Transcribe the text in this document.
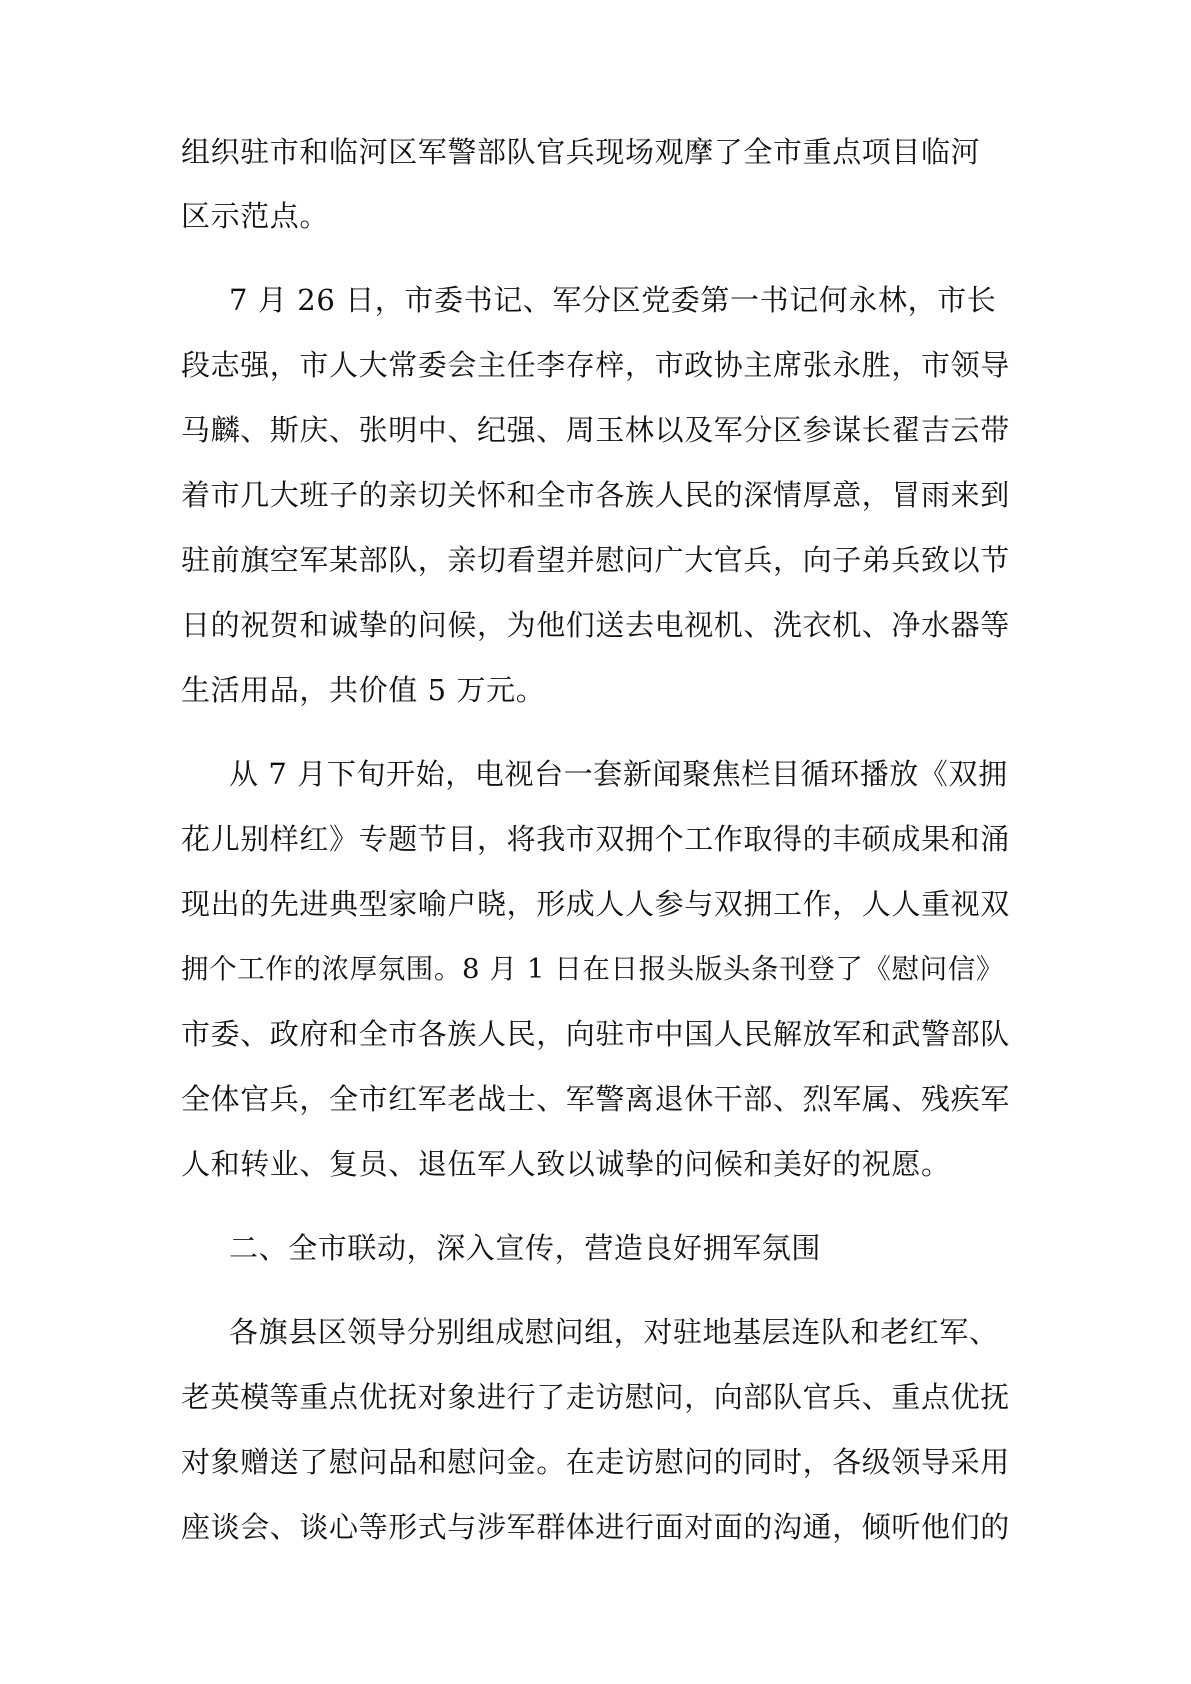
组织驻市和临河区军警部队官兵现场观摩了全市重点项目临河
区示范点。
7 月 26 日，市委书记、军分区党委第一书记何永林，市长
段志强，市人大常委会主任李存梓，市政协主席张永胜，市领导
马麟、斯庆、张明中、纪强、周玉林以及军分区参谋长翟吉云带
着市几大班子的亲切关怀和全市各族人民的深情厚意，冒雨来到
驻前旗空军某部队，亲切看望并慰问广大官兵，向子弟兵致以节
日的祝贺和诚挚的问候，为他们送去电视机、洗衣机、净水器等
生活用品，共价值 5 万元。
从 7 月下旬开始，电视台一套新闻聚焦栏目循环播放《双拥
花儿别样红》专题节目，将我市双拥个工作取得的丰硕成果和涌
现出的先进典型家喻户晓，形成人人参与双拥工作，人人重视双
拥个工作的浓厚氛围。8 月 1 日在日报头版头条刊登了《慰问信》
市委、政府和全市各族人民，向驻市中国人民解放军和武警部队
全体官兵，全市红军老战士、军警离退休干部、烈军属、残疾军
人和转业、复员、退伍军人致以诚挚的问候和美好的祝愿。
二、全市联动，深入宣传，营造良好拥军氛围
各旗县区领导分别组成慰问组，对驻地基层连队和老红军、
老英模等重点优抚对象进行了走访慰问，向部队官兵、重点优抚
对象赠送了慰问品和慰问金。在走访慰问的同时，各级领导采用
座谈会、谈心等形式与涉军群体进行面对面的沟通，倾听他们的
